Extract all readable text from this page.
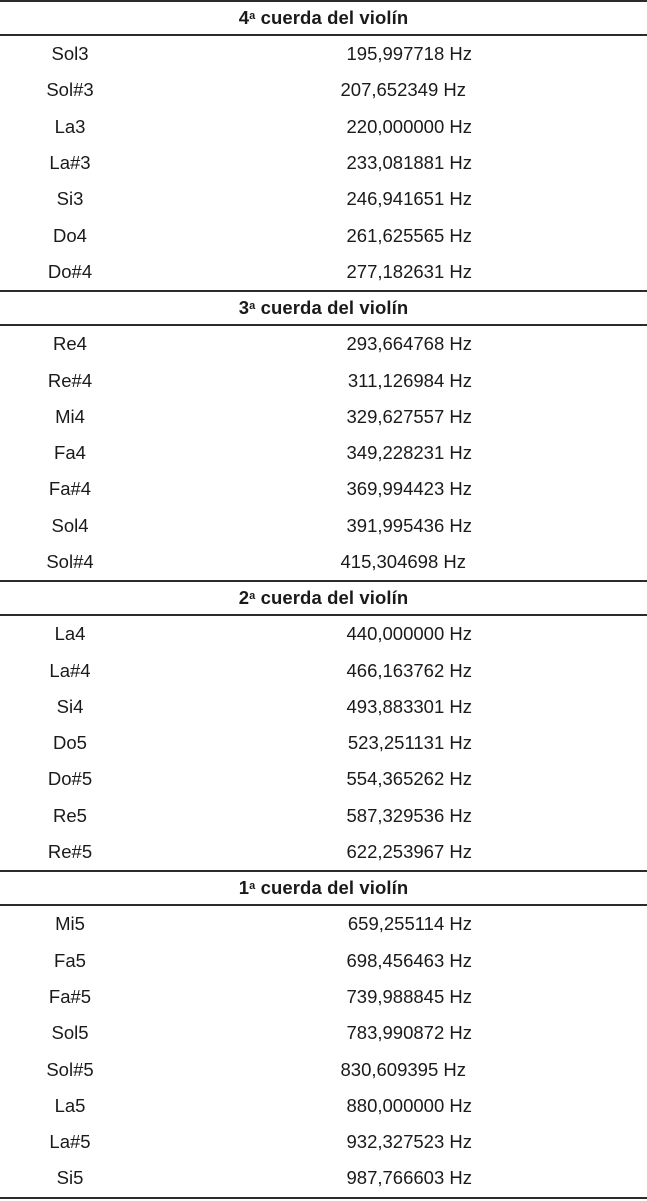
4$^a$ cuerda del violín
Sol3	195,997718 Hz
Sol#3	207,652349 Hz
La3	220,000000 Hz
La#3	233,081881 Hz
Si3	246,941651 Hz
Do4	261,625565 Hz
Do#4	277,182631 Hz
3$^a$ cuerda del violín
Re4	293,664768 Hz
Re#4	311,126984 Hz
Mi4	329,627557 Hz
Fa4	349,228231 Hz
Fa#4	369,994423 Hz
Sol4	391,995436 Hz
Sol#4	415,304698 Hz
2$^a$ cuerda del violín
La4	440,000000 Hz
La#4	466,163762 Hz
Si4	493,883301 Hz
Do5	523,251131 Hz
Do#5	554,365262 Hz
Re5	587,329536 Hz
Re#5	622,253967 Hz
1$^a$ cuerda del violín
Mi5	659,255114 Hz
Fa5	698,456463 Hz
Fa#5	739,988845 Hz
Sol5	783,990872 Hz
Sol#5	830,609395 Hz
La5	880,000000 Hz
La#5	932,327523 Hz
Si5	987,766603 Hz
